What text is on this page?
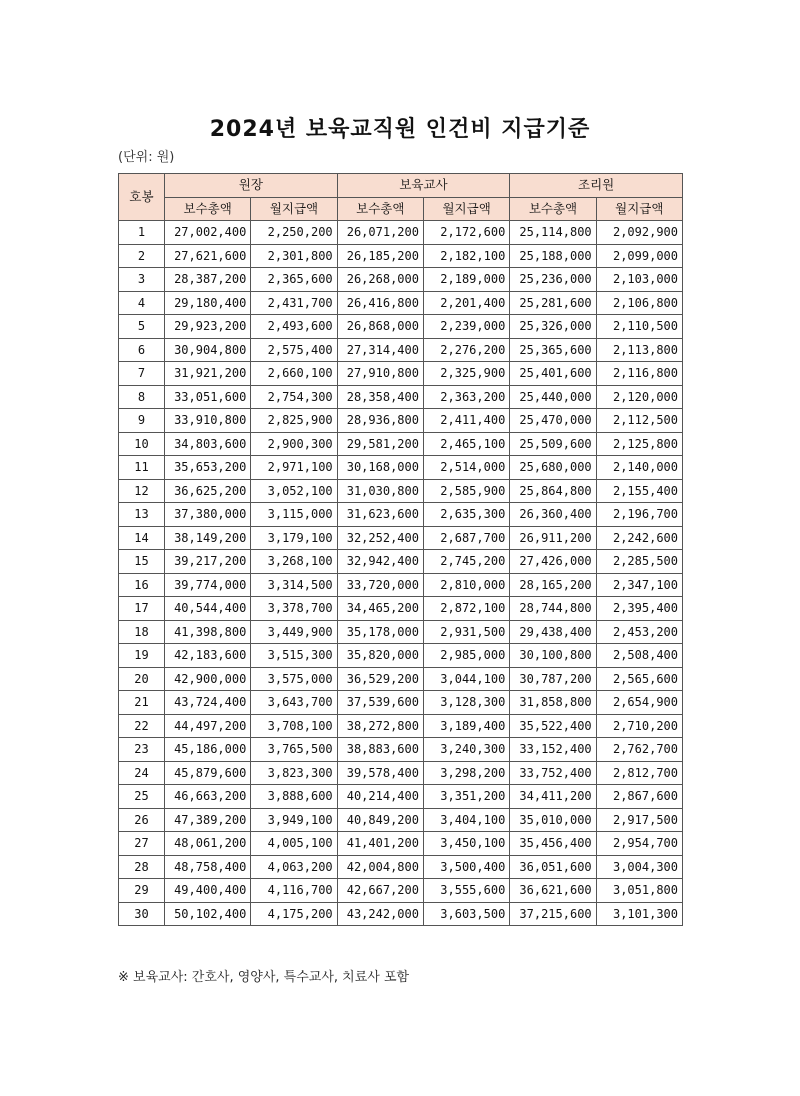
2024년 보육교직원 인건비 지급기준
(단위: 원)
호봉	원장		보육교사		조리원	
	보수총액	월지급액	보수총액	월지급액	보수총액	월지급액
1	27,002,400	2,250,200	26,071,200	2,172,600	25,114,800	2,092,900
2	27,621,600	2,301,800	26,185,200	2,182,100	25,188,000	2,099,000
3	28,387,200	2,365,600	26,268,000	2,189,000	25,236,000	2,103,000
4	29,180,400	2,431,700	26,416,800	2,201,400	25,281,600	2,106,800
5	29,923,200	2,493,600	26,868,000	2,239,000	25,326,000	2,110,500
6	30,904,800	2,575,400	27,314,400	2,276,200	25,365,600	2,113,800
7	31,921,200	2,660,100	27,910,800	2,325,900	25,401,600	2,116,800
8	33,051,600	2,754,300	28,358,400	2,363,200	25,440,000	2,120,000
9	33,910,800	2,825,900	28,936,800	2,411,400	25,470,000	2,112,500
10	34,803,600	2,900,300	29,581,200	2,465,100	25,509,600	2,125,800
11	35,653,200	2,971,100	30,168,000	2,514,000	25,680,000	2,140,000
12	36,625,200	3,052,100	31,030,800	2,585,900	25,864,800	2,155,400
13	37,380,000	3,115,000	31,623,600	2,635,300	26,360,400	2,196,700
14	38,149,200	3,179,100	32,252,400	2,687,700	26,911,200	2,242,600
15	39,217,200	3,268,100	32,942,400	2,745,200	27,426,000	2,285,500
16	39,774,000	3,314,500	33,720,000	2,810,000	28,165,200	2,347,100
17	40,544,400	3,378,700	34,465,200	2,872,100	28,744,800	2,395,400
18	41,398,800	3,449,900	35,178,000	2,931,500	29,438,400	2,453,200
19	42,183,600	3,515,300	35,820,000	2,985,000	30,100,800	2,508,400
20	42,900,000	3,575,000	36,529,200	3,044,100	30,787,200	2,565,600
21	43,724,400	3,643,700	37,539,600	3,128,300	31,858,800	2,654,900
22	44,497,200	3,708,100	38,272,800	3,189,400	35,522,400	2,710,200
23	45,186,000	3,765,500	38,883,600	3,240,300	33,152,400	2,762,700
24	45,879,600	3,823,300	39,578,400	3,298,200	33,752,400	2,812,700
25	46,663,200	3,888,600	40,214,400	3,351,200	34,411,200	2,867,600
26	47,389,200	3,949,100	40,849,200	3,404,100	35,010,000	2,917,500
27	48,061,200	4,005,100	41,401,200	3,450,100	35,456,400	2,954,700
28	48,758,400	4,063,200	42,004,800	3,500,400	36,051,600	3,004,300
29	49,400,400	4,116,700	42,667,200	3,555,600	36,621,600	3,051,800
30	50,102,400	4,175,200	43,242,000	3,603,500	37,215,600	3,101,300
※ 보육교사: 간호사, 영양사, 특수교사, 치료사 포함
